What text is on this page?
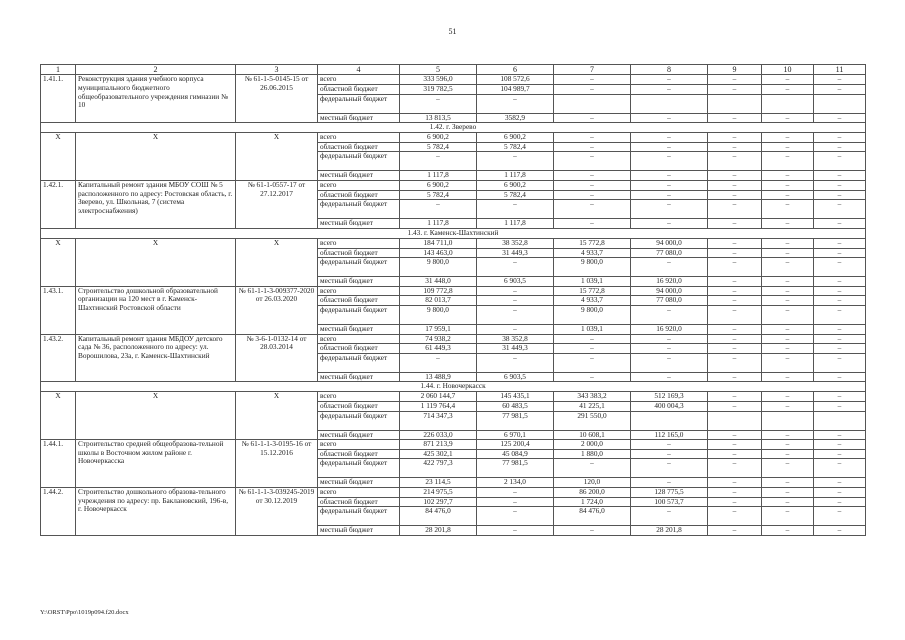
51
1	2	3	4	5	6	7	8	9	10	11
1.41.1.	Реконструкция здания учебного корпуса муниципального бюджетного общеобразовательного учреждения гимназии № 10	№ 61-1-5-0145-15 от 26.06.2015	всего	333 596,0	108 572,6	–	–	–	–	–
			областной бюджет	319 782,5	104 989,7	–	–	–	–	–
			федеральный бюджет	–	–					
			местный бюджет	13 813,5	3582,9	–	–	–	–	–
1.42. г. Зверево										
Х	Х	Х	всего	6 900,2	6 900,2	–	–	–	–	–
			областной бюджет	5 782,4	5 782,4	–	–	–	–	–
			федеральный бюджет	–	–	–	–	–	–	–
			местный бюджет	1 117,8	1 117,8	–	–	–	–	–
1.42.1.	Капитальный ремонт здания МБОУ СОШ № 5 расположенного по адресу: Ростовская область, г. Зверево, ул. Школьная, 7 (система электроснабжения)	№ 61-1-0557-17 от 27.12.2017	всего	6 900,2	6 900,2	–	–	–	–	–
			областной бюджет	5 782,4	5 782,4	–	–	–	–	–
			федеральный бюджет	–	–	–	–	–	–	–
			местный бюджет	1 117,8	1 117,8	–	–	–	–	–
1.43. г. Каменск-Шахтинский										
Х	Х	Х	всего	184 711,0	38 352,8	15 772,8	94 000,0	–	–	–
			областной бюджет	143 463,0	31 449,3	4 933,7	77 080,0	–	–	–
			федеральный бюджет	9 800,0	–	9 800,0	–	–	–	–
			местный бюджет	31 448,0	6 903,5	1 039,1	16 920,0	–	–	–
1.43.1.	Строительство дошкольной образовательной организации на 120 мест в г. Каменск-Шахтинский Ростовской области	№ 61-1-1-3-009377-2020 от 26.03.2020	всего	109 772,8	–	15 772,8	94 000,0	–	–	–
			областной бюджет	82 013,7	–	4 933,7	77 080,0	–	–	–
			федеральный бюджет	9 800,0	–	9 800,0	–	–	–	–
			местный бюджет	17 959,1	–	1 039,1	16 920,0	–	–	–
1.43.2.	Капитальный ремонт здания МБДОУ детского сада № 36, расположенного по адресу: ул. Ворошилова, 23а, г. Каменск-Шахтинский	№ 3-6-1-0132-14 от 28.03.2014	всего	74 938,2	38 352,8	–	–	–	–	–
			областной бюджет	61 449,3	31 449,3	–	–	–	–	–
			федеральный бюджет	–	–	–	–	–	–	–
			местный бюджет	13 488,9	6 903,5	–	–	–	–	–
1.44. г. Новочеркасск										
Х	Х	Х	всего	2 060 144,7	145 435,1	343 383,2	512 169,3	–	–	–
			областной бюджет	1 119 764,4	60 483,5	41 225,1	400 004,3	–	–	–
			федеральный бюджет	714 347,3	77 981,5	291 550,0				
			местный бюджет	226 033,0	6 970,1	10 608,1	112 165,0	–	–	–
1.44.1.	Строительство средней общеобразова-тельной школы в Восточном жилом районе г. Новочеркасска	№ 61-1-1-3-0195-16 от 15.12.2016	всего	871 213,9	125 200,4	2 000,0	–	–	–	–
			областной бюджет	425 302,1	45 084,9	1 880,0	–	–	–	–
			федеральный бюджет	422 797,3	77 981,5	–	–	–	–	–
			местный бюджет	23 114,5	2 134,0	120,0	–	–	–	–
1.44.2.	Строительство дошкольного образова-тельного учреждения по адресу: пр. Баклановский, 196-в, г. Новочеркасск	№ 61-1-1-3-039245-2019 от 30.12.2019	всего	214 975,5	–	86 200,0	128 775,5	–	–	–
			областной бюджет	102 297,7	–	1 724,0	100 573,7	–	–	–
			федеральный бюджет	84 476,0	–	84 476,0	–	–	–	–
			местный бюджет	28 201,8	–	–	28 201,8	–	–	–
Y:\ORST\Ppo\1019p094.f20.docx
